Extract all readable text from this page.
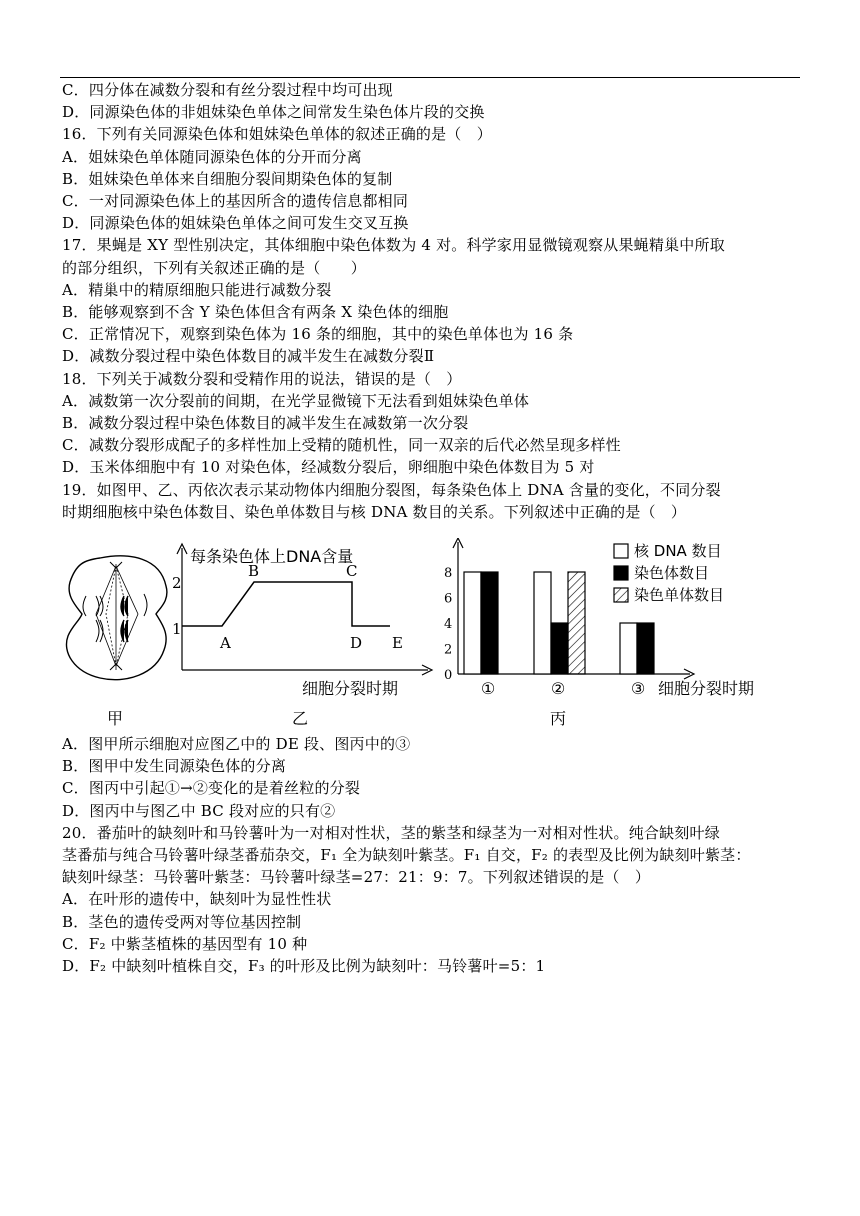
C．四分体在减数分裂和有丝分裂过程中均可出现
D．同源染色体的非姐妹染色单体之间常发生染色体片段的交换
16．下列有关同源染色体和姐妹染色单体的叙述正确的是（　）
A．姐妹染色单体随同源染色体的分开而分离
B．姐妹染色单体来自细胞分裂间期染色体的复制
C．一对同源染色体上的基因所含的遗传信息都相同
D．同源染色体的姐妹染色单体之间可发生交叉互换
17．果蝇是 XY 型性别决定，其体细胞中染色体数为 4 对。科学家用显微镜观察从果蝇精巢中所取
的部分组织，下列有关叙述正确的是（　　）
A．精巢中的精原细胞只能进行减数分裂
B．能够观察到不含 Y 染色体但含有两条 X 染色体的细胞
C．正常情况下，观察到染色体为 16 条的细胞，其中的染色单体也为 16 条
D．减数分裂过程中染色体数目的减半发生在减数分裂Ⅱ
18．下列关于减数分裂和受精作用的说法，错误的是（　）
A．减数第一次分裂前的间期，在光学显微镜下无法看到姐妹染色单体
B．减数分裂过程中染色体数目的减半发生在减数第一次分裂
C．减数分裂形成配子的多样性加上受精的随机性，同一双亲的后代必然呈现多样性
D．玉米体细胞中有 10 对染色体，经减数分裂后，卵细胞中染色体数目为 5 对
19．如图甲、乙、丙依次表示某动物体内细胞分裂图，每条染色体上 DNA 含量的变化，不同分裂
时期细胞核中染色体数目、染色单体数目与核 DNA 数目的关系。下列叙述中正确的是（　）
甲
每条染色体上DNA含量
细胞分裂时期
1
2
A
B	C
D E
乙
0
2
4
6
8
①	②	③ 细胞分裂时期
核 DNA 数目
染色体数目
染色单体数目
丙
A．图甲所示细胞对应图乙中的 DE 段、图丙中的③
B．图甲中发生同源染色体的分离
C．图丙中引起①→②变化的是着丝粒的分裂
D．图丙中与图乙中 BC 段对应的只有②
20．番茄叶的缺刻叶和马铃薯叶为一对相对性状，茎的紫茎和绿茎为一对相对性状。纯合缺刻叶绿
茎番茄与纯合马铃薯叶绿茎番茄杂交，F₁ 全为缺刻叶紫茎。F₁ 自交，F₂ 的表型及比例为缺刻叶紫茎：
缺刻叶绿茎：马铃薯叶紫茎：马铃薯叶绿茎=27：21：9：7。下列叙述错误的是（　）
A．在叶形的遗传中，缺刻叶为显性性状
B．茎色的遗传受两对等位基因控制
C．F₂ 中紫茎植株的基因型有 10 种
D．F₂ 中缺刻叶植株自交，F₃ 的叶形及比例为缺刻叶：马铃薯叶=5：1
